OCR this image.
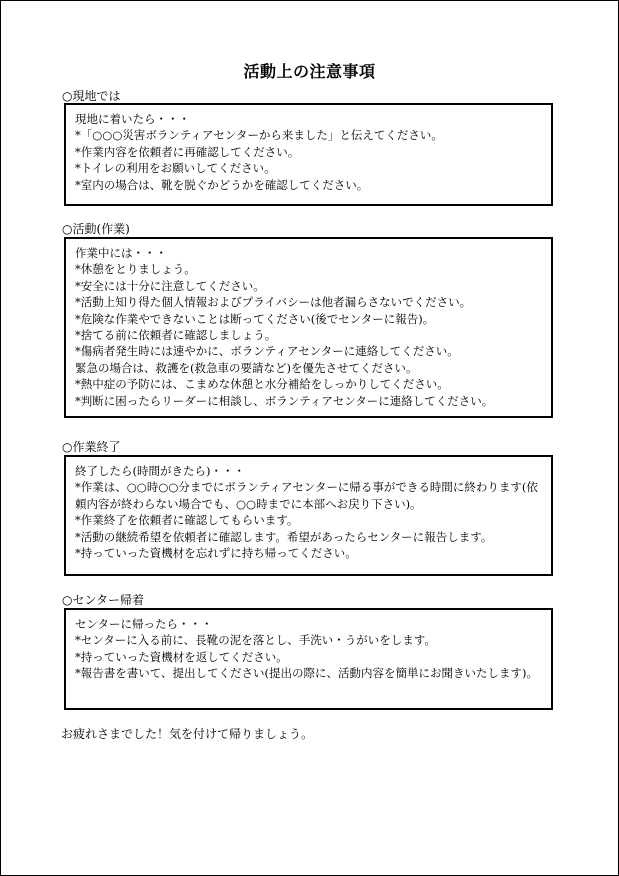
活動上の注意事項
○現地では
現地に着いたら・・・
*「○○○災害ボランティアセンターから来ました」と伝えてください。
*作業内容を依頼者に再確認してください。
*トイレの利用をお願いしてください。
*室内の場合は、靴を脱ぐかどうかを確認してください。
○活動(作業)
作業中には・・・
*休憩をとりましょう。
*安全には十分に注意してください。
*活動上知り得た個人情報およびプライバシーは他者漏らさないでください。
*危険な作業やできないことは断ってください(後でセンターに報告)。
*捨てる前に依頼者に確認しましょう。
*傷病者発生時には速やかに、ボランティアセンターに連絡してください。
緊急の場合は、救護を(救急車の要請など)を優先させてください。
*熱中症の予防には、こまめな休憩と水分補給をしっかりしてください。
*判断に困ったらリーダーに相談し、ボランティアセンターに連絡してください。
○作業終了
終了したら(時間がきたら)・・・
*作業は、○○時○○分までにボランティアセンターに帰る事ができる時間に終わります(依頼内容が終わらない場合でも、○○時までに本部へお戻り下さい)。
*作業終了を依頼者に確認してもらいます。
*活動の継続希望を依頼者に確認します。希望があったらセンターに報告します。
*持っていった資機材を忘れずに持ち帰ってください。
○センター帰着
センターに帰ったら・・・
*センターに入る前に、長靴の泥を落とし、手洗い・うがいをします。
*持っていった資機材を返してください。
*報告書を書いて、提出してください(提出の際に、活動内容を簡単にお聞きいたします)。
お疲れさまでした！気を付けて帰りましょう。
